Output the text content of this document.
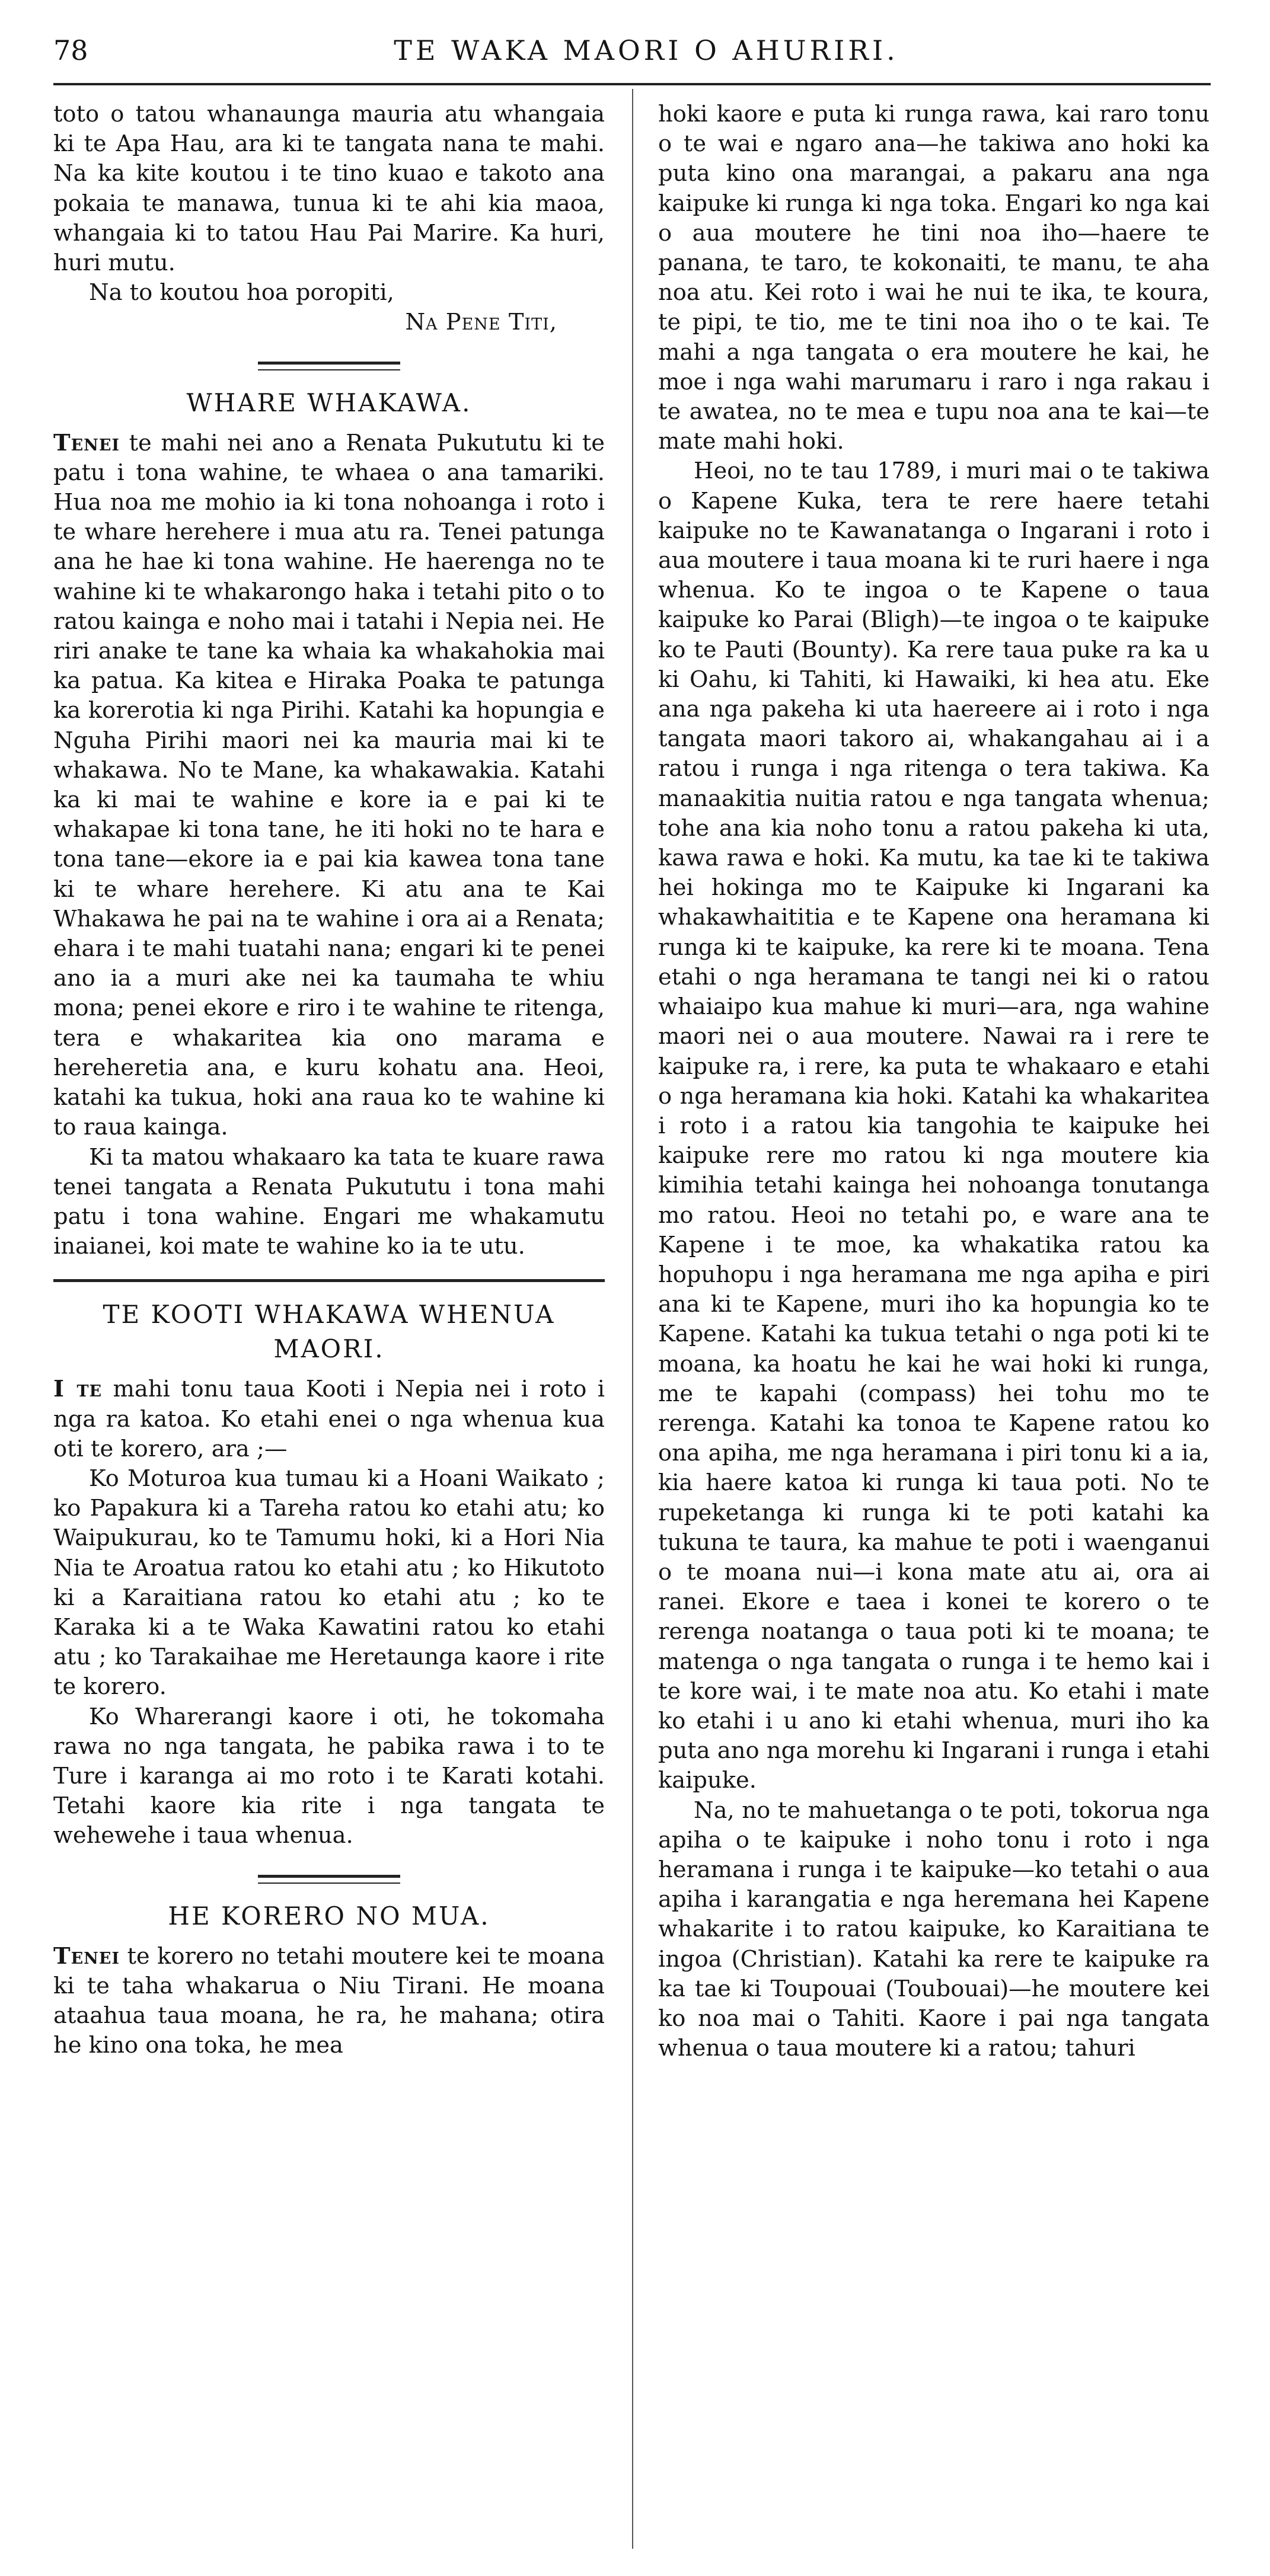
78	TE WAKA MAORI O AHURIRI.

toto o tatou whanaunga mauria atu whangaia ki te Apa Hau, ara ki te tangata nana te mahi. Na ka kite koutou i te tino kuao e takoto ana pokaia te manawa, tunua ki te ahi kia maoa, whangaia ki to tatou Hau Pai Marire. Ka huri, huri mutu.

Na to koutou hoa poropiti,

Na Pene Titi,

WHARE WHAKAWA.

Tenei te mahi nei ano a Renata Pukututu ki te patu i tona wahine, te whaea o ana tamariki. Hua noa me mohio ia ki tona nohoanga i roto i te whare herehere i mua atu ra. Tenei patunga ana he hae ki tona wahine. He haerenga no te wahine ki te whakarongo haka i tetahi pito o to ratou kainga e noho mai i tatahi i Nepia nei. He riri anake te tane ka whaia ka whakahokia mai ka patua. Ka kitea e Hiraka Poaka te patunga ka korerotia ki nga Pirihi. Katahi ka hopungia e Nguha Pirihi maori nei ka mauria mai ki te whakawa. No te Mane, ka whakawakia. Katahi ka ki mai te wahine e kore ia e pai ki te whakapae ki tona tane, he iti hoki no te hara e tona tane—ekore ia e pai kia kawea tona tane ki te whare herehere. Ki atu ana te Kai Whakawa he pai na te wahine i ora ai a Renata; ehara i te mahi tuatahi nana; engari ki te penei ano ia a muri ake nei ka taumaha te whiu mona; penei ekore e riro i te wahine te ritenga, tera e whakaritea kia ono marama e hereheretia ana, e kuru kohatu ana. Heoi, katahi ka tukua, hoki ana raua ko te wahine ki to raua kainga.

Ki ta matou whakaaro ka tata te kuare rawa tenei tangata a Renata Pukututu i tona mahi patu i tona wahine. Engari me whakamutu inaianei, koi mate te wahine ko ia te utu.

TE KOOTI WHAKAWA WHENUA MAORI.

I te mahi tonu taua Kooti i Nepia nei i roto i nga ra katoa. Ko etahi enei o nga whenua kua oti te korero, ara ;—

Ko Moturoa kua tumau ki a Hoani Waikato ; ko Papakura ki a Tareha ratou ko etahi atu; ko Waipukurau, ko te Tamumu hoki, ki a Hori Nia Nia te Aroatua ratou ko etahi atu ; ko Hikutoto ki a Karaitiana ratou ko etahi atu ; ko te Karaka ki a te Waka Kawatini ratou ko etahi atu ; ko Tarakaihae me Heretaunga kaore i rite te korero.

Ko Wharerangi kaore i oti, he tokomaha rawa no nga tangata, he pabika rawa i to te Ture i karanga ai mo roto i te Karati kotahi. Tetahi kaore kia rite i nga tangata te wehewehe i taua whenua.

HE KORERO NO MUA.

Tenei te korero no tetahi moutere kei te moana ki te taha whakarua o Niu Tirani. He moana ataahua taua moana, he ra, he mahana; otira he kino ona toka, he mea

hoki kaore e puta ki runga rawa, kai raro tonu o te wai e ngaro ana—he takiwa ano hoki ka puta kino ona marangai, a pakaru ana nga kaipuke ki runga ki nga toka. Engari ko nga kai o aua moutere he tini noa iho—haere te panana, te taro, te kokonaiti, te manu, te aha noa atu. Kei roto i wai he nui te ika, te koura, te pipi, te tio, me te tini noa iho o te kai. Te mahi a nga tangata o era moutere he kai, he moe i nga wahi marumaru i raro i nga rakau i te awatea, no te mea e tupu noa ana te kai—te mate mahi hoki.

Heoi, no te tau 1789, i muri mai o te takiwa o Kapene Kuka, tera te rere haere tetahi kaipuke no te Kawanatanga o Ingarani i roto i aua moutere i taua moana ki te ruri haere i nga whenua. Ko te ingoa o te Kapene o taua kaipuke ko Parai (Bligh)—te ingoa o te kaipuke ko te Pauti (Bounty). Ka rere taua puke ra ka u ki Oahu, ki Tahiti, ki Hawaiki, ki hea atu. Eke ana nga pakeha ki uta haereere ai i roto i nga tangata maori takoro ai, whakangahau ai i a ratou i runga i nga ritenga o tera takiwa. Ka manaakitia nuitia ratou e nga tangata whenua; tohe ana kia noho tonu a ratou pakeha ki uta, kawa rawa e hoki. Ka mutu, ka tae ki te takiwa hei hokinga mo te Kaipuke ki Ingarani ka whakawhaititia e te Kapene ona heramana ki runga ki te kaipuke, ka rere ki te moana. Tena etahi o nga heramana te tangi nei ki o ratou whaiaipo kua mahue ki muri—ara, nga wahine maori nei o aua moutere. Nawai ra i rere te kaipuke ra, i rere, ka puta te whakaaro e etahi o nga heramana kia hoki. Katahi ka whakaritea i roto i a ratou kia tangohia te kaipuke hei kaipuke rere mo ratou ki nga moutere kia kimihia tetahi kainga hei nohoanga tonutanga mo ratou. Heoi no tetahi po, e ware ana te Kapene i te moe, ka whakatika ratou ka hopuhopu i nga heramana me nga apiha e piri ana ki te Kapene, muri iho ka hopungia ko te Kapene. Katahi ka tukua tetahi o nga poti ki te moana, ka hoatu he kai he wai hoki ki runga, me te kapahi (compass) hei tohu mo te rerenga. Katahi ka tonoa te Kapene ratou ko ona apiha, me nga heramana i piri tonu ki a ia, kia haere katoa ki runga ki taua poti. No te rupeketanga ki runga ki te poti katahi ka tukuna te taura, ka mahue te poti i waenganui o te moana nui—i kona mate atu ai, ora ai ranei. Ekore e taea i konei te korero o te rerenga noatanga o taua poti ki te moana; te matenga o nga tangata o runga i te hemo kai i te kore wai, i te mate noa atu. Ko etahi i mate ko etahi i u ano ki etahi whenua, muri iho ka puta ano nga morehu ki Ingarani i runga i etahi kaipuke.

Na, no te mahuetanga o te poti, tokorua nga apiha o te kaipuke i noho tonu i roto i nga heramana i runga i te kaipuke—ko tetahi o aua apiha i karangatia e nga heremana hei Kapene whakarite i to ratou kaipuke, ko Karaitiana te ingoa (Christian). Katahi ka rere te kaipuke ra ka tae ki Toupouai (Toubouai)—he moutere kei ko noa mai o Tahiti. Kaore i pai nga tangata whenua o taua moutere ki a ratou; tahuri
